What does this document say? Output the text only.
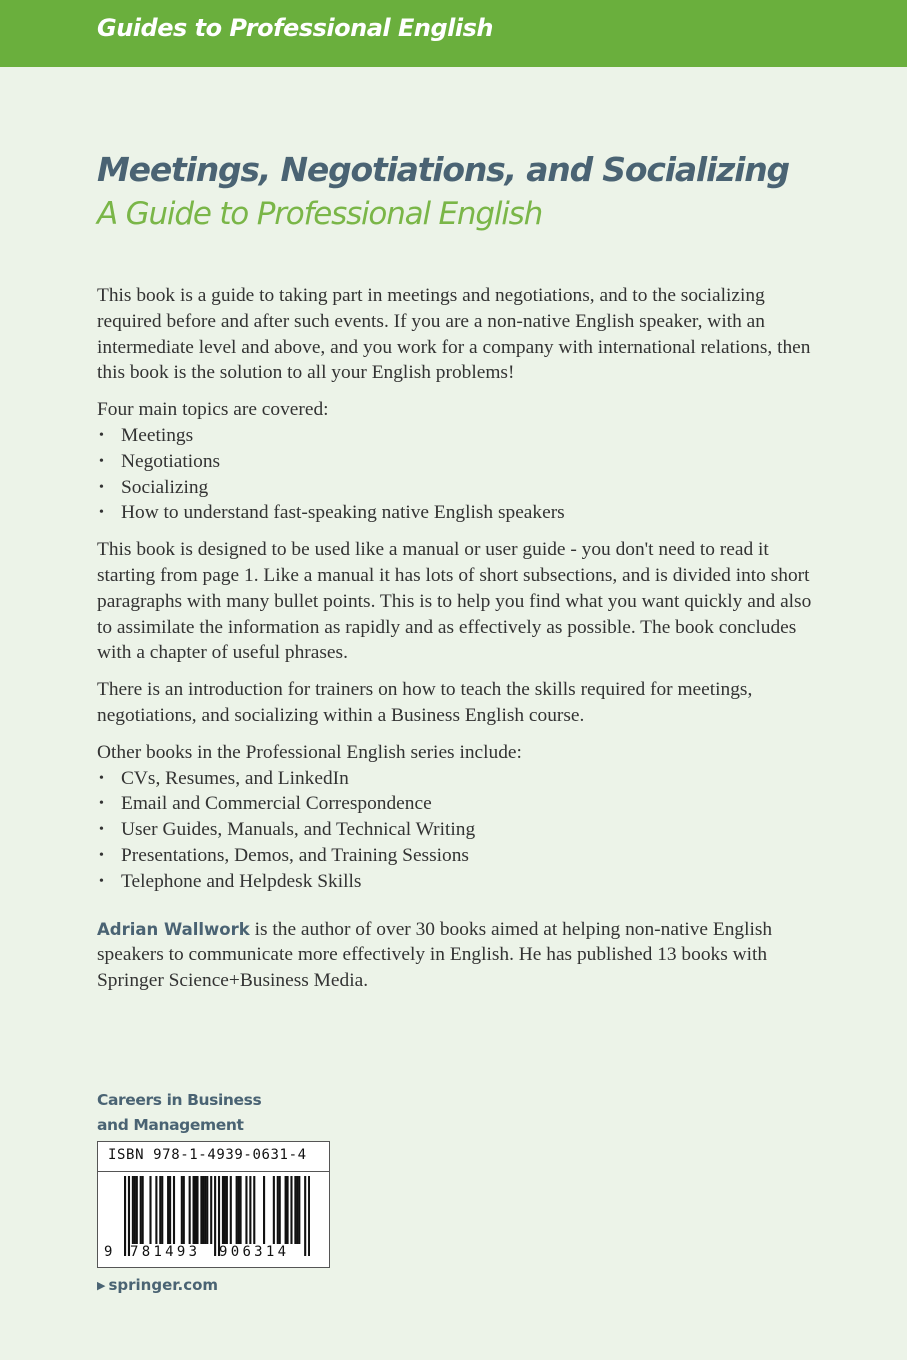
Guides to Professional English
Meetings, Negotiations, and Socializing
A Guide to Professional English

This book is a guide to taking part in meetings and negotiations, and to the socializing required before and after such events. If you are a non-native English speaker, with an intermediate level and above, and you work for a company with international relations, then this book is the solution to all your English problems!

Four main topics are covered:

• Meetings
• Negotiations
• Socializing
• How to understand fast-speaking native English speakers

This book is designed to be used like a manual or user guide - you don't need to read it starting from page 1. Like a manual it has lots of short subsections, and is divided into short paragraphs with many bullet points. This is to help you find what you want quickly and also to assimilate the information as rapidly and as effectively as possible. The book concludes with a chapter of useful phrases.

There is an introduction for trainers on how to teach the skills required for meetings, negotiations, and socializing within a Business English course.

Other books in the Professional English series include:

• CVs, Resumes, and LinkedIn
• Email and Commercial Correspondence
• User Guides, Manuals, and Technical Writing
• Presentations, Demos, and Training Sessions
• Telephone and Helpdesk Skills

Adrian Wallwork is the author of over 30 books aimed at helping non-native English speakers to communicate more effectively in English. He has published 13 books with Springer Science+Business Media.

Careers in Business
and Management
ISBN 978-1-4939-0631-4
9 781493 906314
▶ springer.com
